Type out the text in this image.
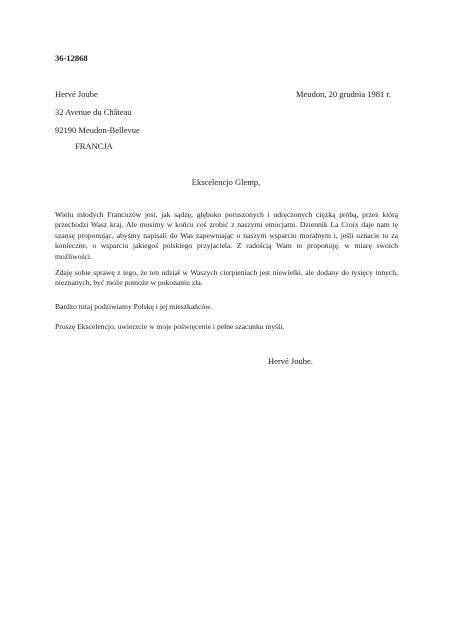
36-12868
Hervé Joube	Meudon, 20 grudnia 1981 r.
32 Avenue du Château
92190 Meudon-Bellevue
FRANCJA
Ekscelencjo Glemp,

Wielu młodych Francuzów jest, jak sądzę, głęboko poruszonych i udręczonych ciężką próbą, przez którą przechodzi Wasz kraj. Ale musimy w końcu coś zrobić z naszymi emocjami. Dziennik La Croix daje nam tę szansę proponując, abyśmy napisali do Was zapewniając o naszym wsparciu moralnym i, jeśli uznacie to za konieczne, o wsparciu jakiegoś polskiego przyjaciela. Z radością Wam to proponuję, w miarę swoich możliwości.

Zdaję sobie sprawę z tego, że ten udział w Waszych cierpieniach jest niewielki, ale dodany do tysięcy innych, nieznanych, być może pomoże w pokonaniu zła.

Bardzo tutaj podziwiamy Polskę i jej mieszkańców.

Proszę Ekscelencjo, uwierzcie w moje poświęcenie i pełne szacunku myśli.

Hervé Joube.
